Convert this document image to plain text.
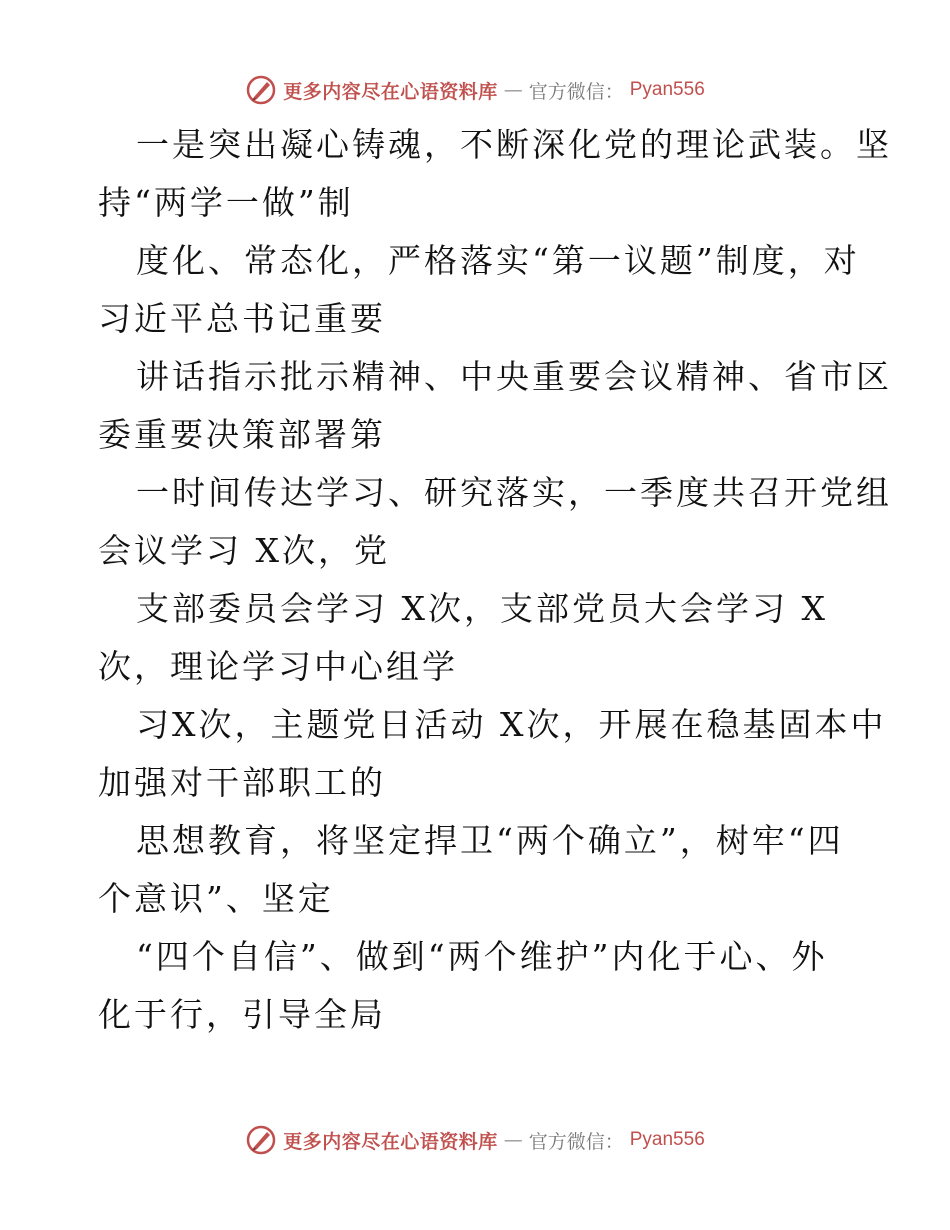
更多内容尽在心语资料库 — 官方微信： Pyan556
一是突出凝心铸魂，不断深化党的理论武装。坚
持“两学一做”制
度化、常态化，严格落实“第一议题”制度，对
习近平总书记重要
讲话指示批示精神、中央重要会议精神、省市区
委重要决策部署第
一时间传达学习、研究落实，一季度共召开党组
会议学习 X次，党
支部委员会学习 X次，支部党员大会学习 X
次，理论学习中心组学
习X次，主题党日活动 X次，开展在稳基固本中
加强对干部职工的
思想教育，将坚定捍卫“两个确立”，树牢“四
个意识”、坚定
“四个自信”、做到“两个维护”内化于心、外
化于行，引导全局
更多内容尽在心语资料库 — 官方微信： Pyan556
